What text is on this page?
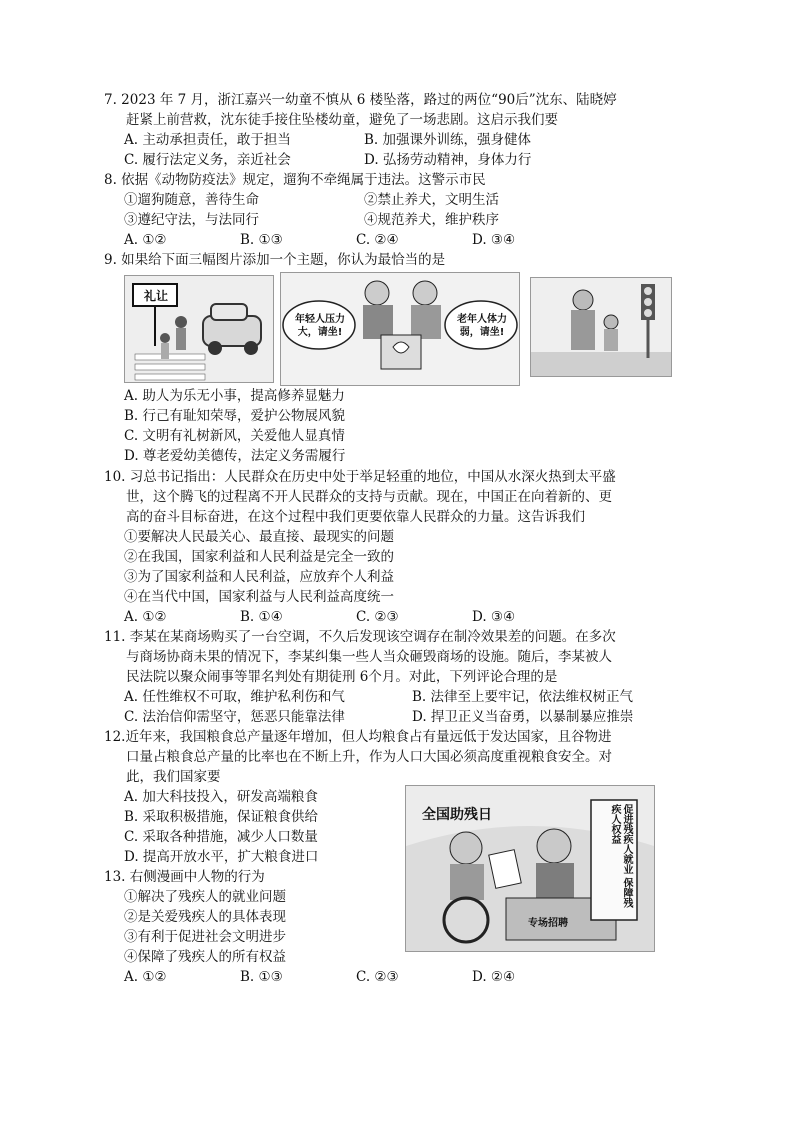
7. 2023 年 7 月，浙江嘉兴一幼童不慎从 6 楼坠落，路过的两位“90后”沈东、陆晓婷
赶紧上前营救，沈东徒手接住坠楼幼童，避免了一场悲剧。这启示我们要
A. 主动承担责任，敢于担当	B. 加强课外训练，强身健体
C. 履行法定义务，亲近社会	D. 弘扬劳动精神，身体力行
8. 依据《动物防疫法》规定，遛狗不牵绳属于违法。这警示市民
①遛狗随意，善待生命	②禁止养犬，文明生活
③遵纪守法，与法同行	④规范养犬，维护秩序
A. ①②	B. ①③	C. ②④	D. ③④
9. 如果给下面三幅图片添加一个主题，你认为最恰当的是
礼让
年轻人压力大，请坐!
老年人体力弱，请坐!
A. 助人为乐无小事，提高修养显魅力
B. 行己有耻知荣辱，爱护公物展风貌
C. 文明有礼树新风，关爱他人显真情
D. 尊老爱幼美德传，法定义务需履行
10. 习总书记指出：人民群众在历史中处于举足轻重的地位，中国从水深火热到太平盛
世，这个腾飞的过程离不开人民群众的支持与贡献。现在，中国正在向着新的、更
高的奋斗目标奋进，在这个过程中我们更要依靠人民群众的力量。这告诉我们
①要解决人民最关心、最直接、最现实的问题
②在我国，国家利益和人民利益是完全一致的
③为了国家利益和人民利益，应放弃个人利益
④在当代中国，国家利益与人民利益高度统一
A. ①②	B. ①④	C. ②③	D. ③④
11. 李某在某商场购买了一台空调，不久后发现该空调存在制冷效果差的问题。在多次
与商场协商未果的情况下，李某纠集一些人当众砸毁商场的设施。随后，李某被人
民法院以聚众闹事等罪名判处有期徒刑 6个月。对此，下列评论合理的是
A. 任性维权不可取，维护私利伤和气	B. 法律至上要牢记，依法维权树正气
C. 法治信仰需坚守，惩恶只能靠法律	D. 捍卫正义当奋勇，以暴制暴应推崇
12.近年来，我国粮食总产量逐年增加，但人均粮食占有量远低于发达国家，且谷物进
口量占粮食总产量的比率也在不断上升，作为人口大国必须高度重视粮食安全。对
此，我们国家要
A. 加大科技投入，研发高端粮食
B. 采取积极措施，保证粮食供给
C. 采取各种措施，减少人口数量
D. 提高开放水平，扩大粮食进口
全国助残日	促进残疾人就业 保障残疾人权益
专场招聘
13. 右侧漫画中人物的行为
①解决了残疾人的就业问题
②是关爱残疾人的具体表现
③有利于促进社会文明进步
④保障了残疾人的所有权益
A. ①②	B. ①③	C. ②③	D. ②④
